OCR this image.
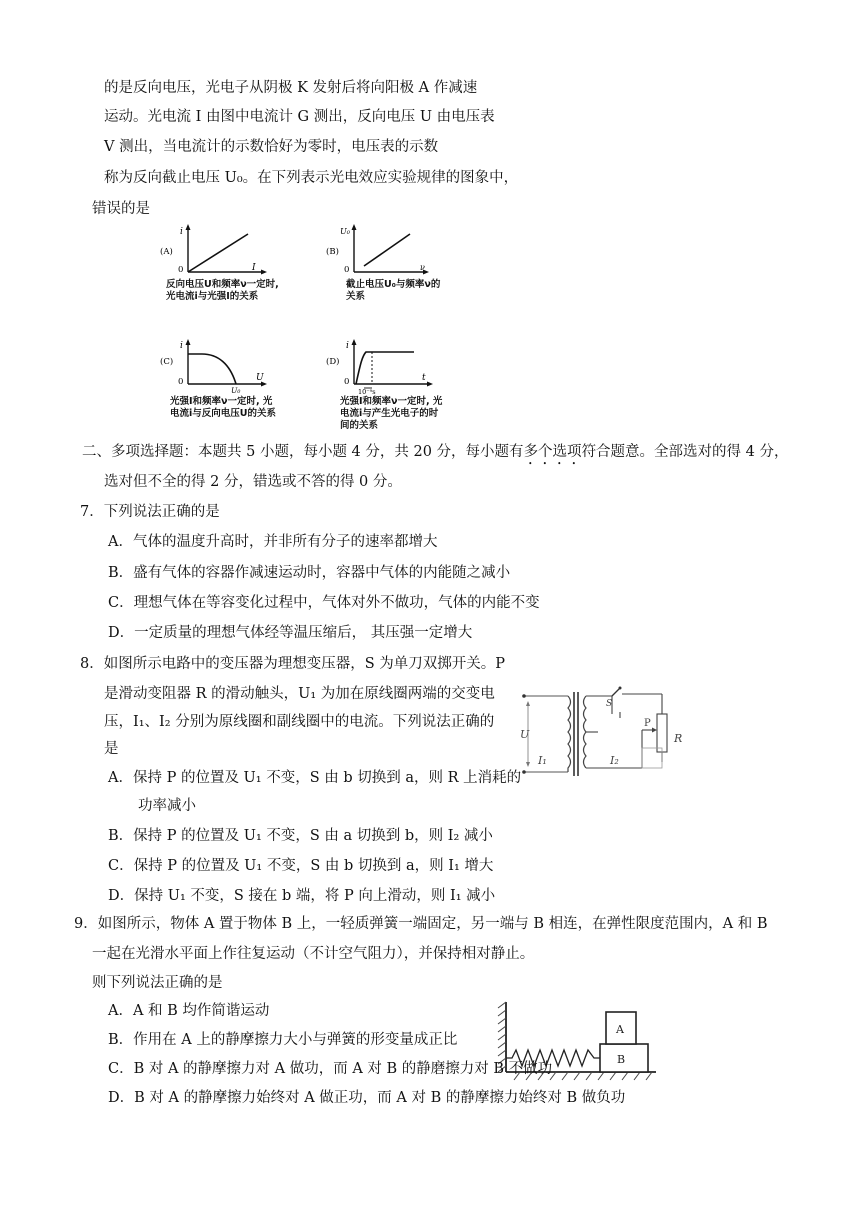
的是反向电压，光电子从阴极 K 发射后将向阳极 A 作减速
运动。光电流 I 由图中电流计 G 测出，反向电压 U 由电压表
V 测出，当电流计的示数恰好为零时，电压表的示数
称为反向截止电压 U₀。在下列表示光电效应实验规律的图象中，
错误的是
i
(A)
0	I
反向电压U和频率ν一定时,
光电流i与光强I的关系
U₀
(B)
0	ν
截止电压U₀与频率ν的
关系
i
(C)
0
U₀
U
光强I和频率ν一定时, 光
电流i与反向电压U的关系
i
(D)
0
10⁻⁹s
t
光强I和频率ν一定时, 光
电流i与产生光电子的时
间的关系
二、多项选择题：本题共 5 小题，每小题 4 分，共 20 分，每小题有多个选项符合题意。全部选对的得 4 分，
选对但不全的得 2 分，错选或不答的得 0 分。
7．下列说法正确的是
A．气体的温度升高时，并非所有分子的速率都增大
B．盛有气体的容器作减速运动时，容器中气体的内能随之减小
C．理想气体在等容变化过程中，气体对外不做功，气体的内能不变
D．一定质量的理想气体经等温压缩后， 其压强一定增大
8．如图所示电路中的变压器为理想变压器，S 为单刀双掷开关。P
是滑动变阻器 R 的滑动触头，U₁ 为加在原线圈两端的交变电
压，I₁、I₂ 分别为原线圈和副线圈中的电流。下列说法正确的
是
A．保持 P 的位置及 U₁ 不变，S 由 b 切换到 a，则 R 上消耗的
功率减小
B．保持 P 的位置及 U₁ 不变，S 由 a 切换到 b，则 I₂ 减小
C．保持 P 的位置及 U₁ 不变，S 由 b 切换到 a，则 I₁ 增大
D．保持 U₁ 不变，S 接在 b 端，将 P 向上滑动，则 I₁ 减小
U
I₁
S
P
R
I₂
9．如图所示，物体 A 置于物体 B 上，一轻质弹簧一端固定，另一端与 B 相连，在弹性限度范围内，A 和 B
一起在光滑水平面上作往复运动（不计空气阻力），并保持相对静止。
则下列说法正确的是
A．A 和 B 均作简谐运动
B．作用在 A 上的静摩擦力大小与弹簧的形变量成正比
A
B
C．B 对 A 的静摩擦力对 A 做功，而 A 对 B 的静磨擦力对 B 不做功
D．B 对 A 的静摩擦力始终对 A 做正功，而 A 对 B 的静摩擦力始终对 B 做负功
